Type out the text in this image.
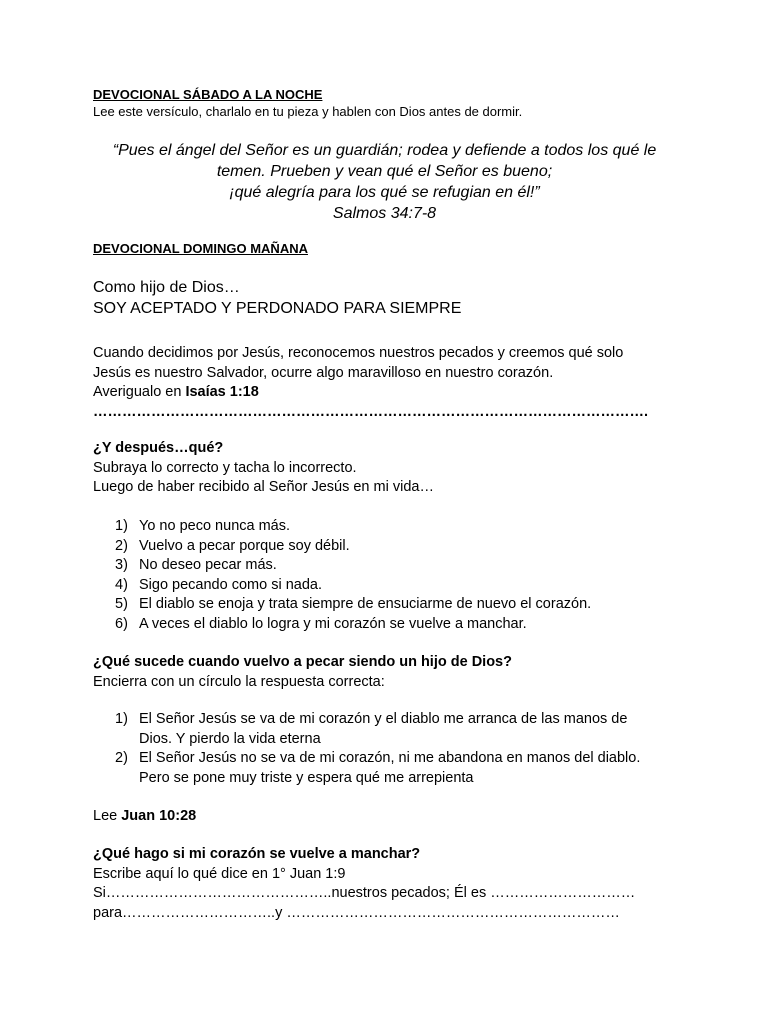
DEVOCIONAL SÁBADO A LA NOCHE
Lee este versículo, charlalo en tu pieza y hablen con Dios antes de dormir.
“Pues el ángel del Señor es un guardián; rodea y defiende a todos los qué le
temen. Prueben y vean qué el Señor es bueno;
¡qué alegría para los qué se refugian en él!”
Salmos 34:7-8
DEVOCIONAL DOMINGO MAÑANA
Como hijo de Dios…
SOY ACEPTADO Y PERDONADO PARA SIEMPRE
Cuando decidimos por Jesús, reconocemos nuestros pecados y creemos qué solo
Jesús es nuestro Salvador, ocurre algo maravilloso en nuestro corazón.
Averigualo en Isaías 1:18
…………………………………………………………………………………………………….
¿Y después…qué?
Subraya lo correcto y tacha lo incorrecto.
Luego de haber recibido al Señor Jesús en mi vida…
1) Yo no peco nunca más.
2) Vuelvo a pecar porque soy débil.
3) No deseo pecar más.
4) Sigo pecando como si nada.
5) El diablo se enoja y trata siempre de ensuciarme de nuevo el corazón.
6) A veces el diablo lo logra y mi corazón se vuelve a manchar.
¿Qué sucede cuando vuelvo a pecar siendo un hijo de Dios?
Encierra con un círculo la respuesta correcta:
1) El Señor Jesús se va de mi corazón y el diablo me arranca de las manos de
Dios. Y pierdo la vida eterna
2) El Señor Jesús no se va de mi corazón, ni me abandona en manos del diablo.
Pero se pone muy triste y espera qué me arrepienta
Lee Juan 10:28
¿Qué hago si mi corazón se vuelve a manchar?
Escribe aquí lo qué dice en 1° Juan 1:9
Si………………………………………..nuestros pecados; Él es …………………………
para…………………………..y ……………………………………………………………
